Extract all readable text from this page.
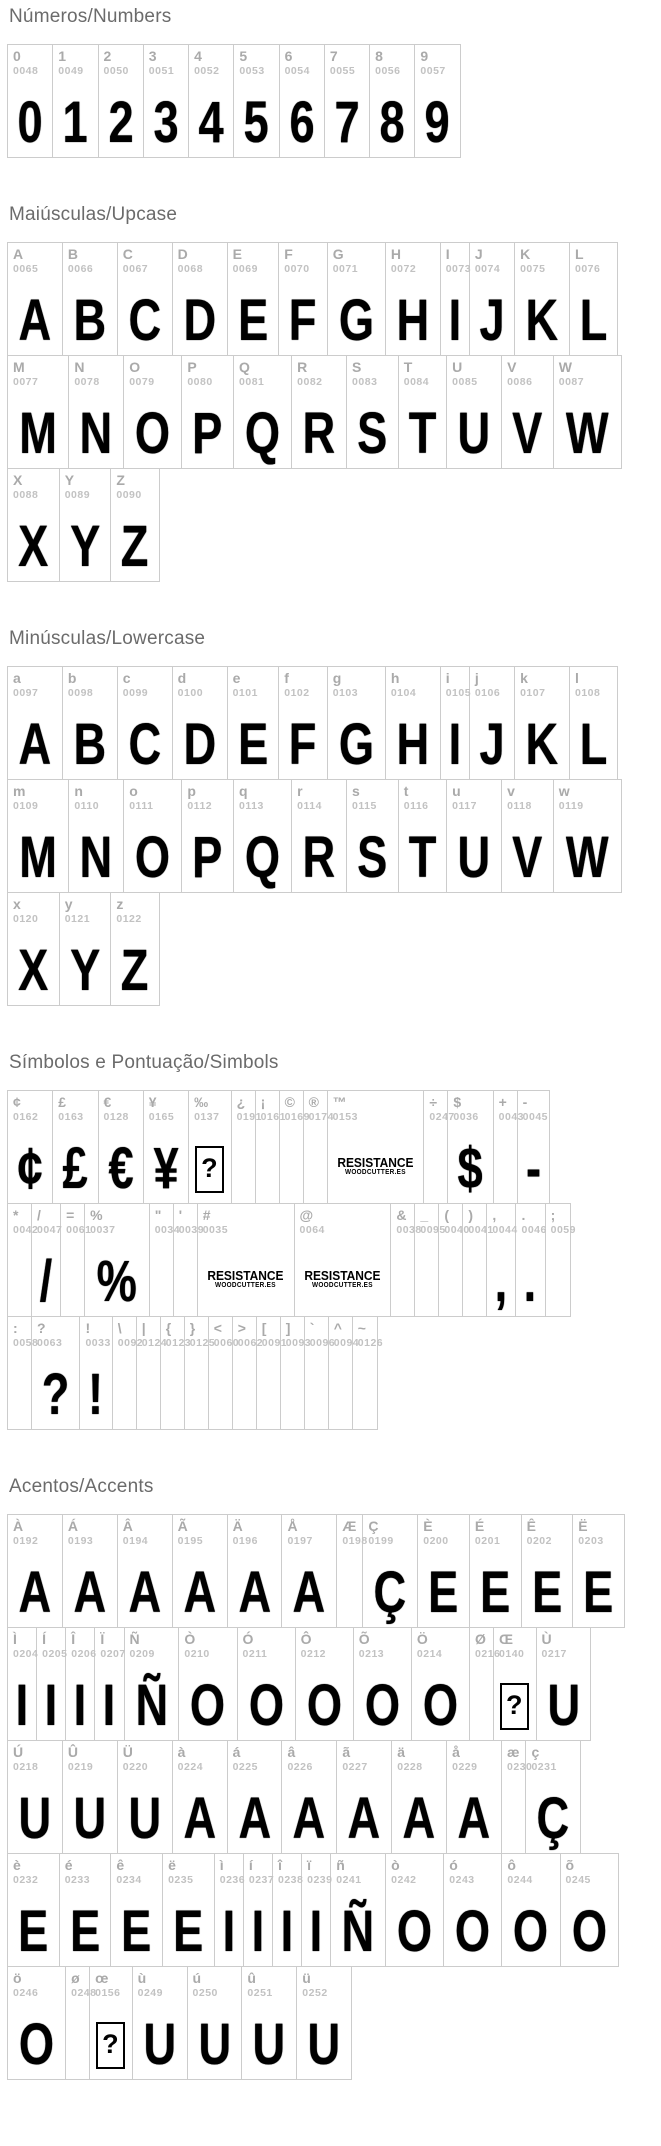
Números/Numbers
0
0048
0
1
0049
1
2
0050
2
3
0051
3
4
0052
4
5
0053
5
6
0054
6
7
0055
7
8
0056
8
9
0057
9
Maiúsculas/Upcase
A
0065
A
B
0066
B
C
0067
C
D
0068
D
E
0069
E
F
0070
F
G
0071
G
H
0072
H
I
0073
I
J
0074
J
K
0075
K
L
0076
L
M
0077
M
N
0078
N
O
0079
O
P
0080
P
Q
0081
Q
R
0082
R
S
0083
S
T
0084
T
U
0085
U
V
0086
V
W
0087
W
X
0088
X
Y
0089
Y
Z
0090
Z
Minúsculas/Lowercase
a
0097
A
b
0098
B
c
0099
C
d
0100
D
e
0101
E
f
0102
F
g
0103
G
h
0104
H
i
0105
I
j
0106
J
k
0107
K
l
0108
L
m
0109
M
n
0110
N
o
0111
O
p
0112
P
q
0113
Q
r
0114
R
s
0115
S
t
0116
T
u
0117
U
v
0118
V
w
0119
W
x
0120
X
y
0121
Y
z
0122
Z
Símbolos e Pontuação/Simbols
¢
0162
¢
£
0163
£
€
0128
€
¥
0165
¥
‰
0137
?
¿
0191
¡
0161
©
0169
®
0174
™
0153
RESISTANCE
WOODCUTTER.ES
÷
0247
$
0036
$
+
0043
-
0045
-
*
0042
/
0047
/
=
0061
%
0037
%
"
0034
'
0039
#
0035
RESISTANCE
WOODCUTTER.ES
@
0064
RESISTANCE
WOODCUTTER.ES
&
0038
_
0095
(
0040
)
0041
,
0044
,
.
0046
.
;
0059
:
0058
?
0063
?
!
0033
!
\
0092
|
0124
{
0123
}
0125
<
0060
>
0062
[
0091
]
0093
`
0096
^
0094
~
0126
Acentos/Accents
À
0192
A
Á
0193
A
Â
0194
A
Ã
0195
A
Ä
0196
A
Å
0197
A
Æ
0198
Ç
0199
Ç
È
0200
E
É
0201
E
Ê
0202
E
Ë
0203
E
Ì
0204
I
Í
0205
I
Î
0206
I
Ï
0207
I
Ñ
0209
Ñ
Ò
0210
O
Ó
0211
O
Ô
0212
O
Õ
0213
O
Ö
0214
O
Ø
0216
Œ
0140
?
Ù
0217
U
Ú
0218
U
Û
0219
U
Ü
0220
U
à
0224
A
á
0225
A
â
0226
A
ã
0227
A
ä
0228
A
å
0229
A
æ
0230
ç
0231
Ç
è
0232
E
é
0233
E
ê
0234
E
ë
0235
E
ì
0236
I
í
0237
I
î
0238
I
ï
0239
I
ñ
0241
Ñ
ò
0242
O
ó
0243
O
ô
0244
O
õ
0245
O
ö
0246
O
ø
0248
œ
0156
?
ù
0249
U
ú
0250
U
û
0251
U
ü
0252
U
